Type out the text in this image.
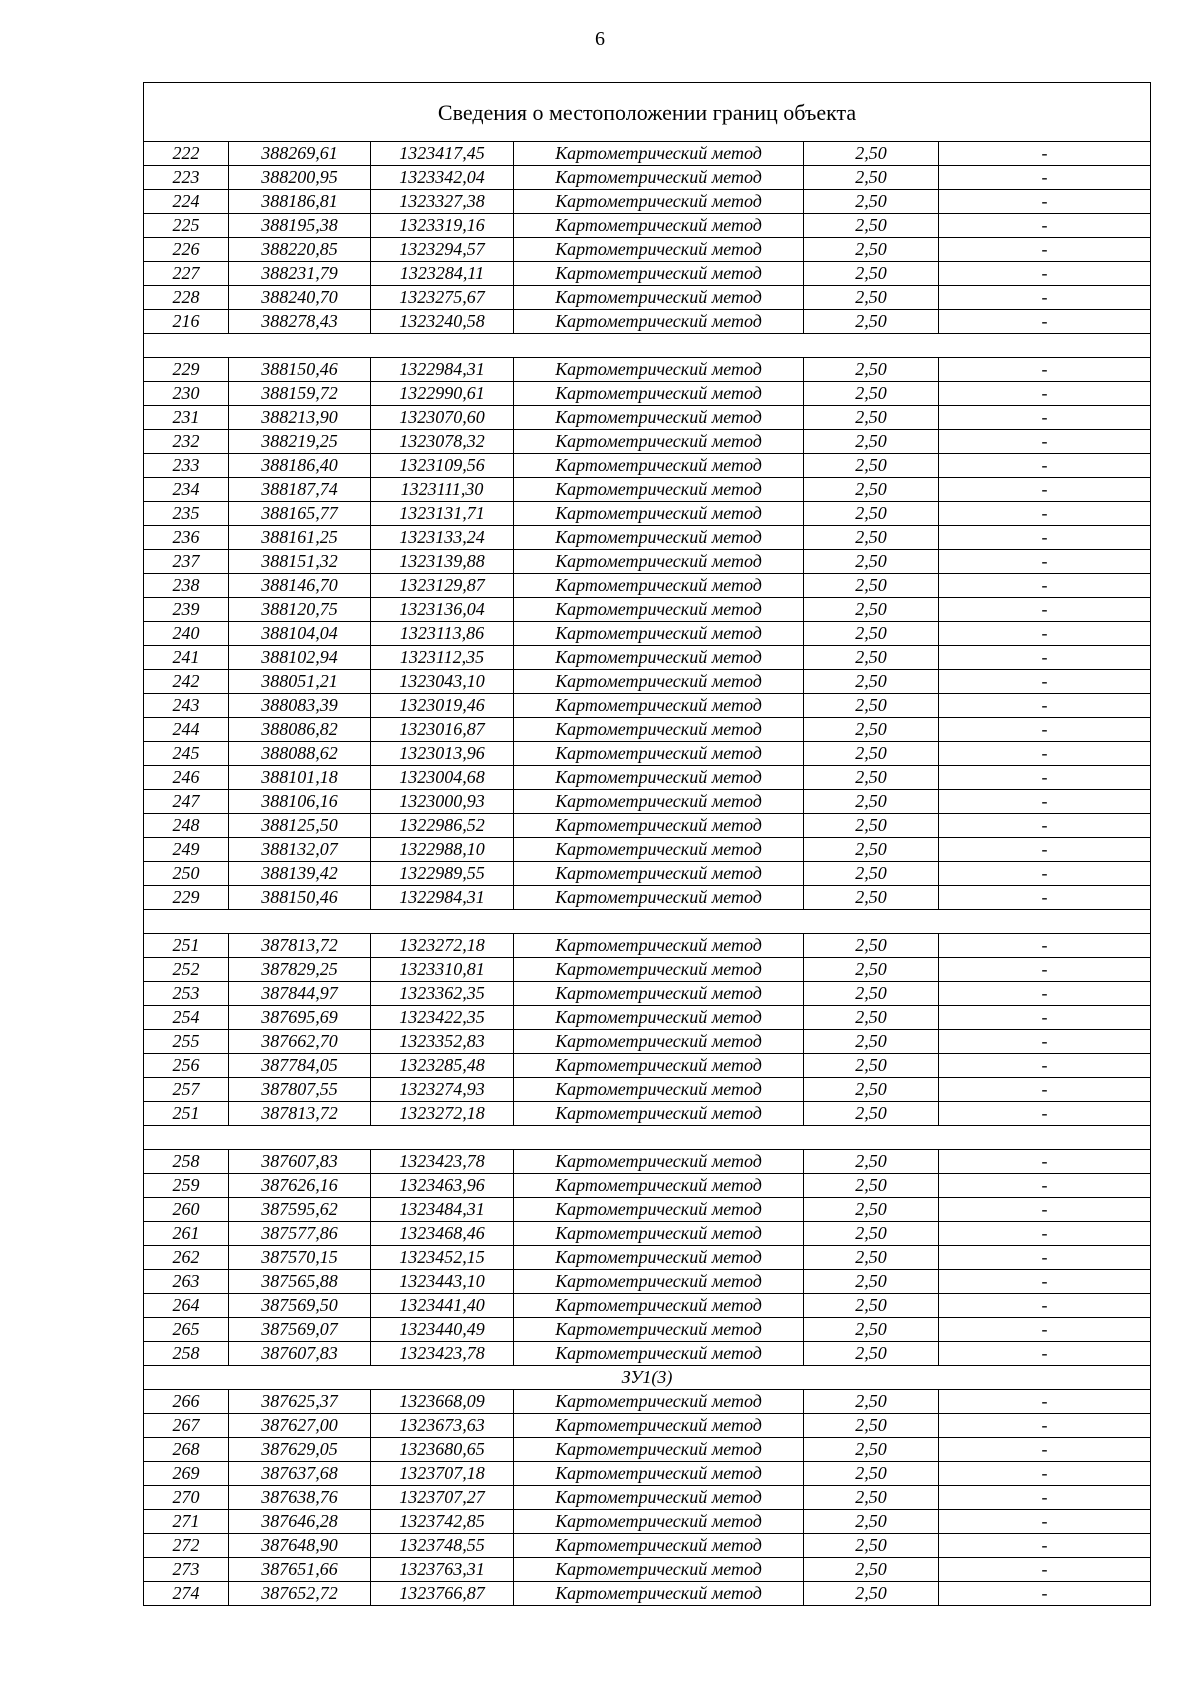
6
Сведения о местоположении границ объекта					
222	388269,61	1323417,45	Картометрический метод	2,50	-
223	388200,95	1323342,04	Картометрический метод	2,50	-
224	388186,81	1323327,38	Картометрический метод	2,50	-
225	388195,38	1323319,16	Картометрический метод	2,50	-
226	388220,85	1323294,57	Картометрический метод	2,50	-
227	388231,79	1323284,11	Картометрический метод	2,50	-
228	388240,70	1323275,67	Картометрический метод	2,50	-
216	388278,43	1323240,58	Картометрический метод	2,50	-

229	388150,46	1322984,31	Картометрический метод	2,50	-
230	388159,72	1322990,61	Картометрический метод	2,50	-
231	388213,90	1323070,60	Картометрический метод	2,50	-
232	388219,25	1323078,32	Картометрический метод	2,50	-
233	388186,40	1323109,56	Картометрический метод	2,50	-
234	388187,74	1323111,30	Картометрический метод	2,50	-
235	388165,77	1323131,71	Картометрический метод	2,50	-
236	388161,25	1323133,24	Картометрический метод	2,50	-
237	388151,32	1323139,88	Картометрический метод	2,50	-
238	388146,70	1323129,87	Картометрический метод	2,50	-
239	388120,75	1323136,04	Картометрический метод	2,50	-
240	388104,04	1323113,86	Картометрический метод	2,50	-
241	388102,94	1323112,35	Картометрический метод	2,50	-
242	388051,21	1323043,10	Картометрический метод	2,50	-
243	388083,39	1323019,46	Картометрический метод	2,50	-
244	388086,82	1323016,87	Картометрический метод	2,50	-
245	388088,62	1323013,96	Картометрический метод	2,50	-
246	388101,18	1323004,68	Картометрический метод	2,50	-
247	388106,16	1323000,93	Картометрический метод	2,50	-
248	388125,50	1322986,52	Картометрический метод	2,50	-
249	388132,07	1322988,10	Картометрический метод	2,50	-
250	388139,42	1322989,55	Картометрический метод	2,50	-
229	388150,46	1322984,31	Картометрический метод	2,50	-

251	387813,72	1323272,18	Картометрический метод	2,50	-
252	387829,25	1323310,81	Картометрический метод	2,50	-
253	387844,97	1323362,35	Картометрический метод	2,50	-
254	387695,69	1323422,35	Картометрический метод	2,50	-
255	387662,70	1323352,83	Картометрический метод	2,50	-
256	387784,05	1323285,48	Картометрический метод	2,50	-
257	387807,55	1323274,93	Картометрический метод	2,50	-
251	387813,72	1323272,18	Картометрический метод	2,50	-

258	387607,83	1323423,78	Картометрический метод	2,50	-
259	387626,16	1323463,96	Картометрический метод	2,50	-
260	387595,62	1323484,31	Картометрический метод	2,50	-
261	387577,86	1323468,46	Картометрический метод	2,50	-
262	387570,15	1323452,15	Картометрический метод	2,50	-
263	387565,88	1323443,10	Картометрический метод	2,50	-
264	387569,50	1323441,40	Картометрический метод	2,50	-
265	387569,07	1323440,49	Картометрический метод	2,50	-
258	387607,83	1323423,78	Картометрический метод	2,50	-
ЗУ1(3)					
266	387625,37	1323668,09	Картометрический метод	2,50	-
267	387627,00	1323673,63	Картометрический метод	2,50	-
268	387629,05	1323680,65	Картометрический метод	2,50	-
269	387637,68	1323707,18	Картометрический метод	2,50	-
270	387638,76	1323707,27	Картометрический метод	2,50	-
271	387646,28	1323742,85	Картометрический метод	2,50	-
272	387648,90	1323748,55	Картометрический метод	2,50	-
273	387651,66	1323763,31	Картометрический метод	2,50	-
274	387652,72	1323766,87	Картометрический метод	2,50	-
